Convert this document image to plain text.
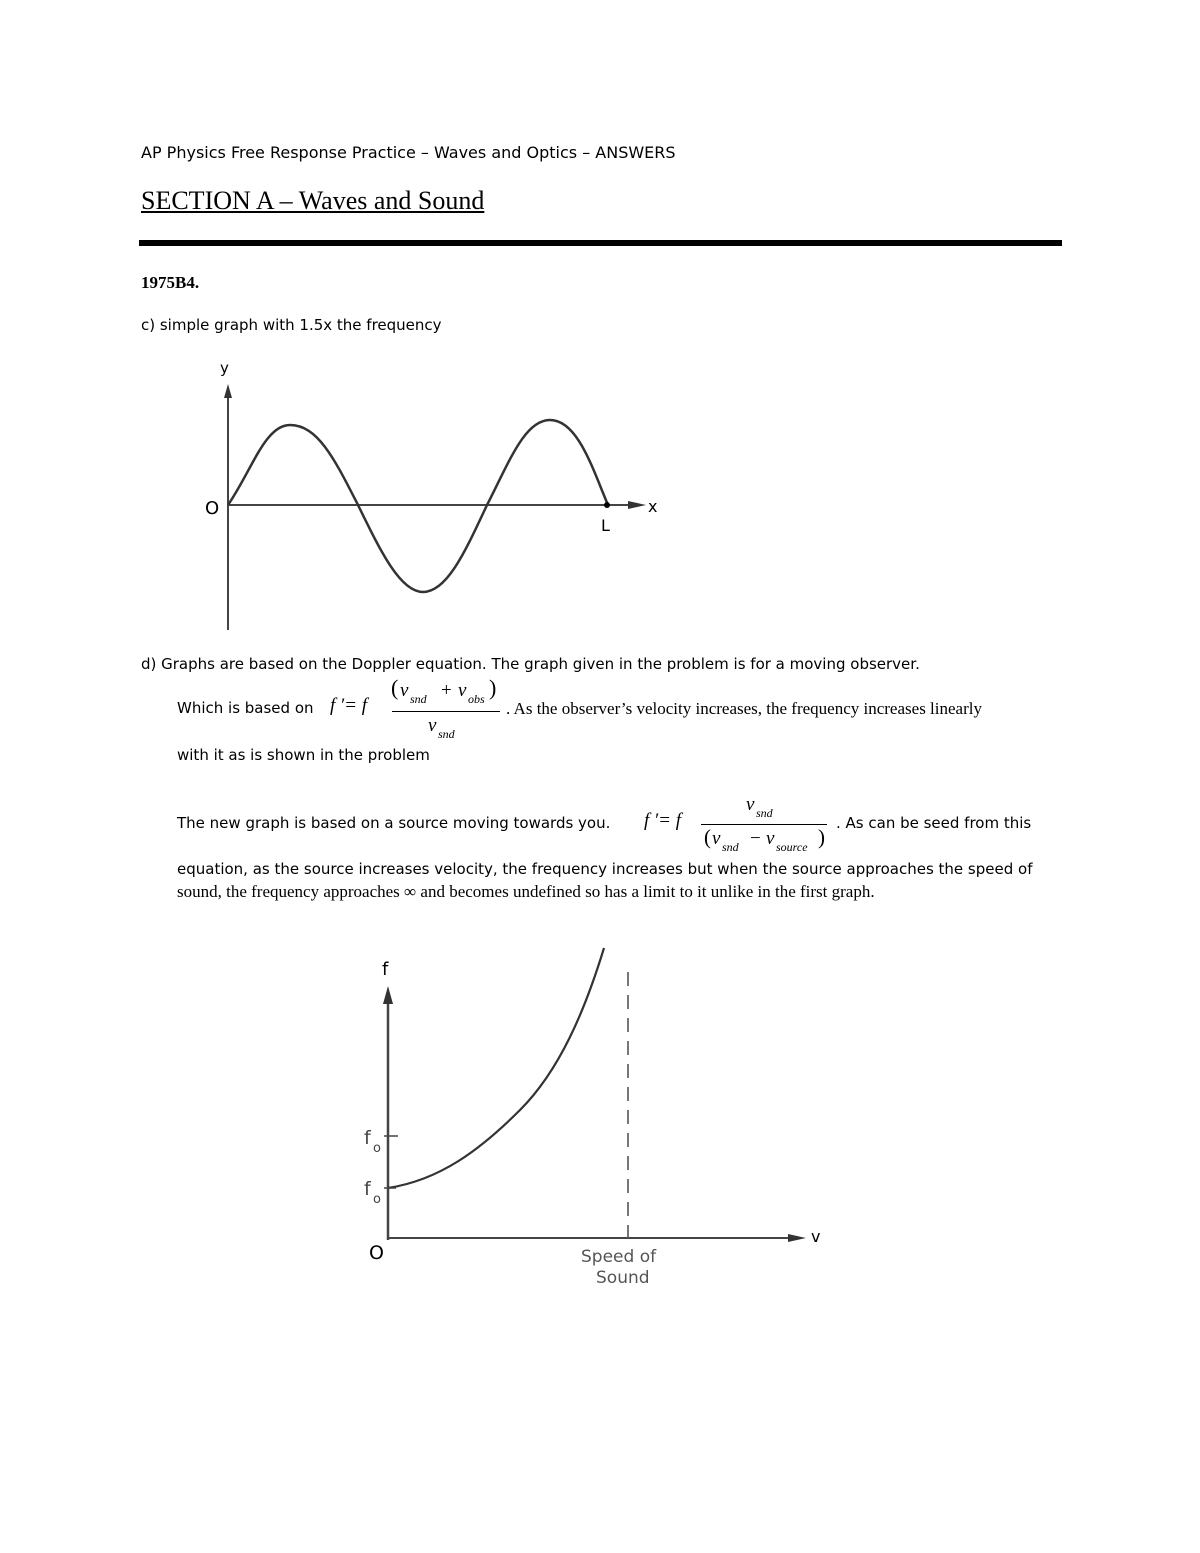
AP Physics Free Response Practice – Waves and Optics – ANSWERS
SECTION A – Waves and Sound
1975B4.
c) simple graph with 1.5x the frequency
y
x
O
L
d) Graphs are based on the Doppler equation. The graph given in the problem is for a moving observer.
Which is based on f ′= f
( v snd + v obs )
v snd
. As the observer’s velocity increases, the frequency increases linearly
with it as is shown in the problem
The new graph is based on a source moving towards you. f ′= f
v snd
( v snd − v source )
. As can be seed from this
equation, as the source increases velocity, the frequency increases but when the source approaches the speed of
sound, the frequency approaches ∞ and becomes undefined so has a limit to it unlike in the first graph.
f
v
O
f o
f o
Speed of
Sound
